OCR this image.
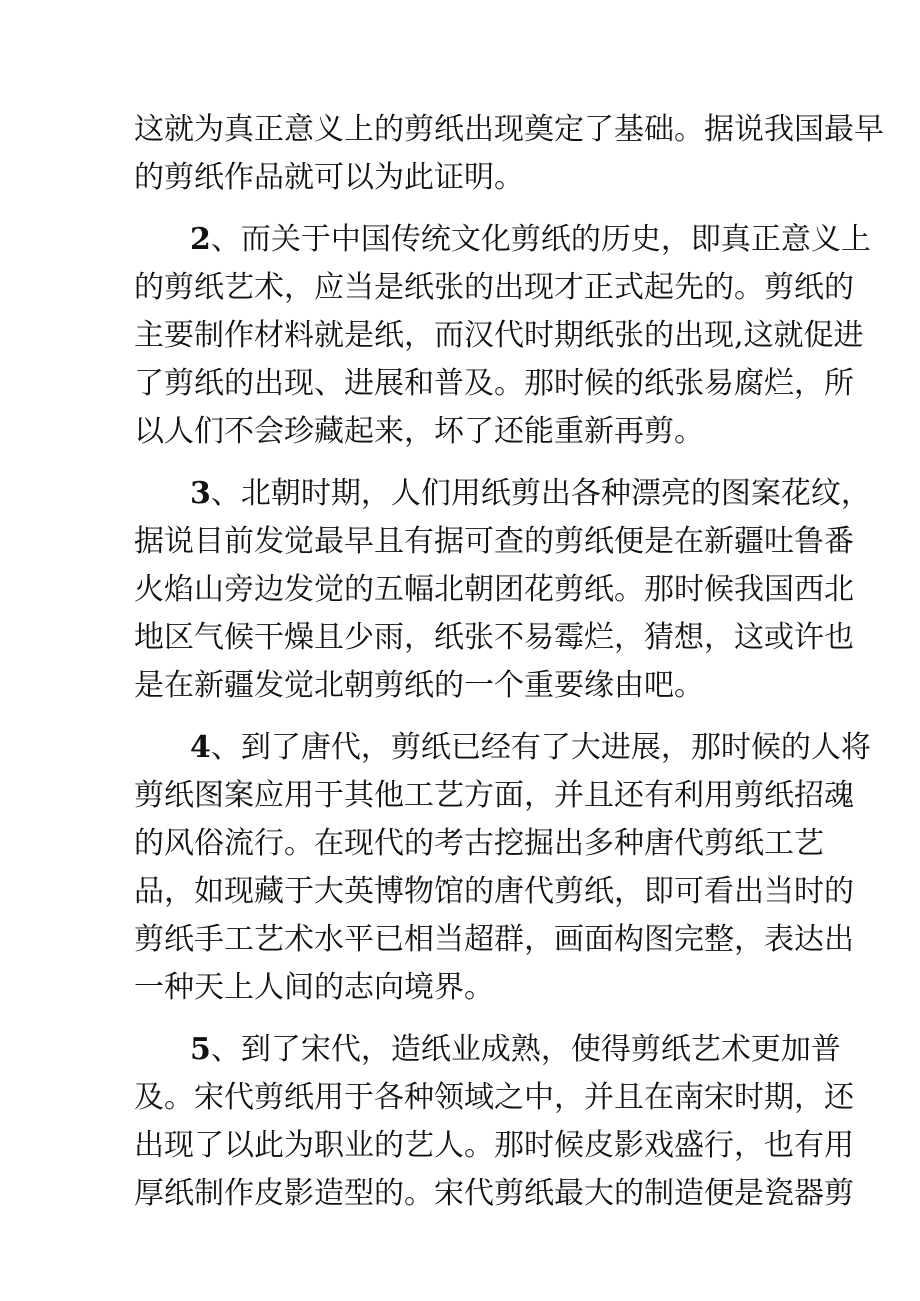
这就为真正意义上的剪纸出现奠定了基础。据说我国最早
的剪纸作品就可以为此证明。
2、而关于中国传统文化剪纸的历史，即真正意义上
的剪纸艺术，应当是纸张的出现才正式起先的。剪纸的
主要制作材料就是纸，而汉代时期纸张的出现,这就促进
了剪纸的出现、进展和普及。那时候的纸张易腐烂，所
以人们不会珍藏起来，坏了还能重新再剪。
3、北朝时期，人们用纸剪出各种漂亮的图案花纹，
据说目前发觉最早且有据可查的剪纸便是在新疆吐鲁番
火焰山旁边发觉的五幅北朝团花剪纸。那时候我国西北
地区气候干燥且少雨，纸张不易霉烂，猜想，这或许也
是在新疆发觉北朝剪纸的一个重要缘由吧。
4、到了唐代，剪纸已经有了大进展，那时候的人将
剪纸图案应用于其他工艺方面，并且还有利用剪纸招魂
的风俗流行。在现代的考古挖掘出多种唐代剪纸工艺
品，如现藏于大英博物馆的唐代剪纸，即可看出当时的
剪纸手工艺术水平已相当超群，画面构图完整，表达出
一种天上人间的志向境界。
5、到了宋代，造纸业成熟，使得剪纸艺术更加普
及。宋代剪纸用于各种领域之中，并且在南宋时期，还
出现了以此为职业的艺人。那时候皮影戏盛行，也有用
厚纸制作皮影造型的。宋代剪纸最大的制造便是瓷器剪
